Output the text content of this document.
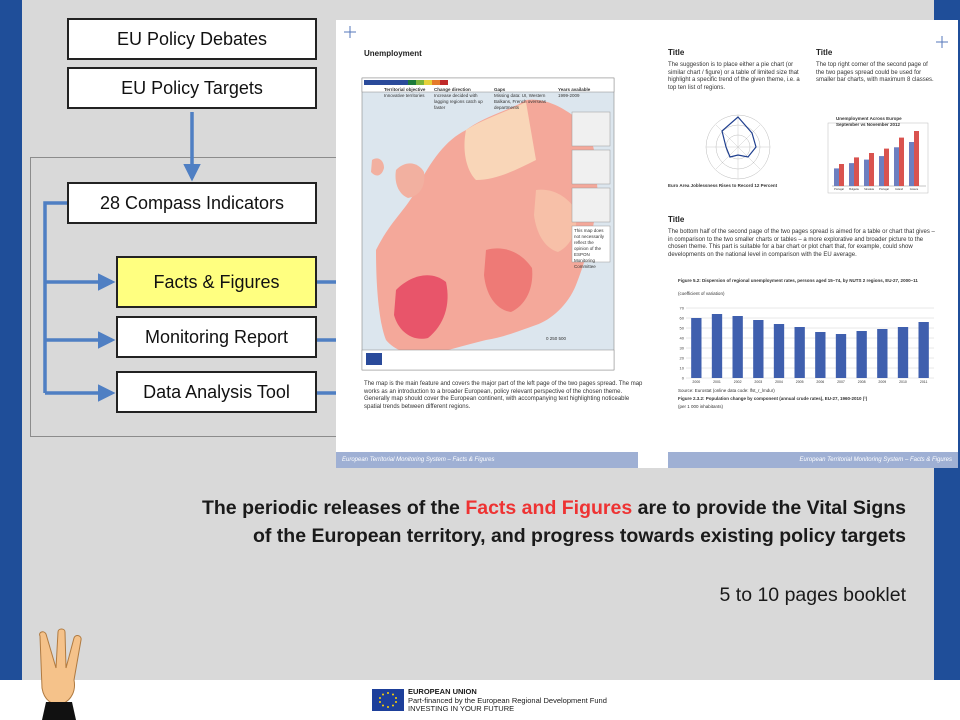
EU Policy Debates
EU Policy Targets
28 Compass Indicators
Facts & Figures
Monitoring Report
Data Analysis Tool
Portugal Bulgaria Slovakia Portugal Ireland	Greece
0
10
20
30
40
50
60
70
2000	2001	2002	2003	2004	2005	2006	2007	2008	2009	2010	2011
Unemployment
Territorial objective
Innovative territories
Change direction
Increase decided with lagging regions catch up faster
Gaps
Missing data: UI, Western Balkans, French overseas departments
Years available
1999-2009
This map does not necessarily reflect the opinion of the ESPON Monitoring Committee
0 250 500
The map is the main feature and covers the major part of the left page of the two pages spread. The map works as an introduction to a broader European, policy relevant perspective of the chosen theme. Generally map should cover the European continent, with accompanying text highlighting noticeable spatial trends between different regions.
Title
The suggestion is to place either a pie chart (or similar chart / figure) or a table of limited size that highlight a specific trend of the given theme, i.e. a top ten list of regions.
Euro Area Joblessness Rises to Record 12 Percent
Title
The top right corner of the second page of the two pages spread could be used for smaller bar charts, with maximum 8 classes.
Unemployment Across Europe September vs November 2012
Title
The bottom half of the second page of the two pages spread is aimed for a table or chart that gives – in comparison to the two smaller charts or tables – a more explorative and broader picture to the chosen theme. This part is suitable for a bar chart or plot chart that, for example, could show developments on the national level in comparison with the EU average.
Figure 5.2: Dispersion of regional unemployment rates, persons aged 15–74, by NUTS 2 regions, EU-27, 2000–11
(coefficient of variation)
Source: Eurostat (online data code: lfst_r_lmdur)
Figure 2.3.2: Population change by component (annual crude rates), EU-27, 1960-2010 (¹)
(per 1 000 inhabitants)
European Territorial Monitoring System – Facts & Figures	European Territorial Monitoring System – Facts & Figures
The periodic releases of the Facts and Figures are to provide the Vital Signs
of the European territory, and progress towards existing policy targets
5 to 10 pages booklet
EUROPEAN UNION
Part-financed by the European Regional Development Fund
INVESTING IN YOUR FUTURE
